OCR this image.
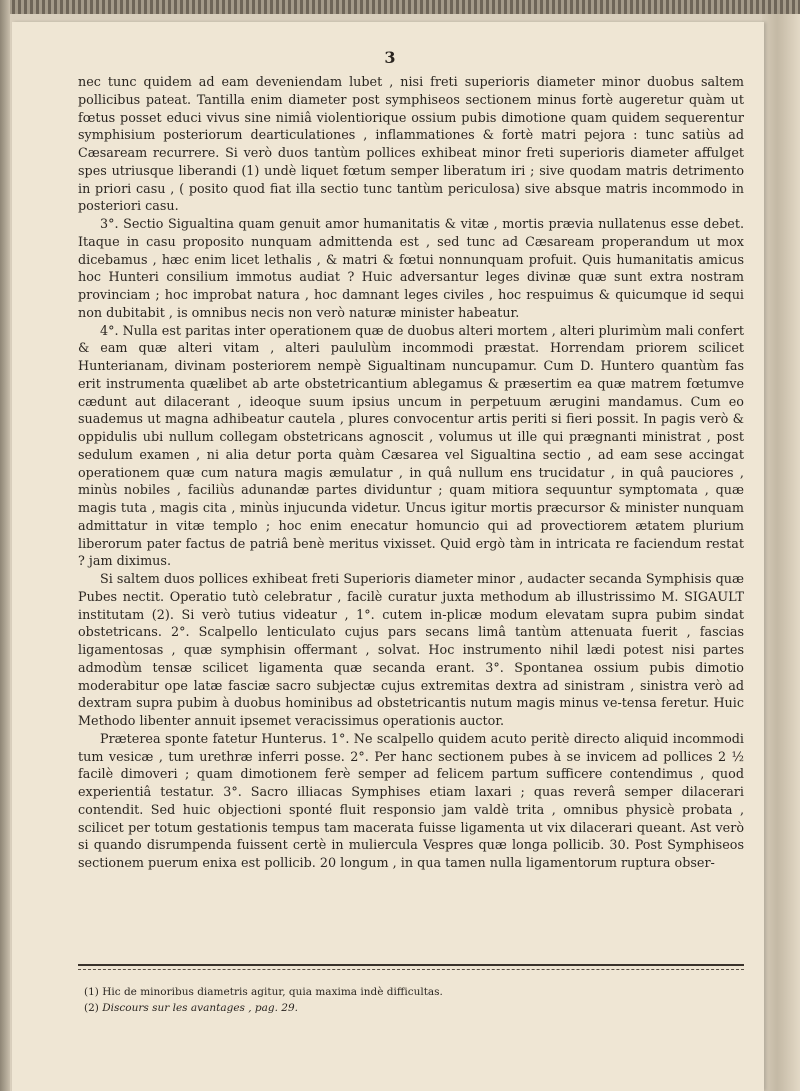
3

nec tunc quidem ad eam deveniendam lubet , nisi freti superioris diameter minor duobus saltem pollicibus pateat. Tantilla enim diameter post symphiseos sectionem minus fortè augeretur quàm ut fœtus posset educi vivus sine nimiâ violentiorique ossium pubis dimotione quam quidem sequerentur symphisium posteriorum dearticulationes , inflammationes & fortè matri pejora : tunc satiùs ad Cæsaream recurrere. Si verò duos tantùm pollices exhibeat minor freti superioris diameter affulget spes utriusque liberandi (1) undè liquet fœtum semper liberatum iri ; sive quodam matris detrimento in priori casu , ( posito quod fiat illa sectio tunc tantùm periculosa) sive absque matris incommodo in posteriori casu.

3°. Sectio Sigualtina quam genuit amor humanitatis & vitæ , mortis prævia nullatenus esse debet. Itaque in casu proposito nunquam admittenda est , sed tunc ad Cæsaream properandum ut mox dicebamus , hæc enim licet lethalis , & matri & fœtui nonnunquam profuit. Quis humanitatis amicus hoc Hunteri consilium immotus audiat ? Huic adversantur leges divinæ quæ sunt extra nostram provinciam ; hoc improbat natura , hoc damnant leges civiles , hoc respuimus & quicumque id sequi non dubitabit , is omnibus necis non verò naturæ minister habeatur.

4°. Nulla est paritas inter operationem quæ de duobus alteri mortem , alteri plurimùm mali confert & eam quæ alteri vitam , alteri paululùm incommodi præstat. Horrendam priorem scilicet Hunterianam, divinam posteriorem nempè Sigualtinam nuncupamur. Cum D. Huntero quantùm fas erit instrumenta quælibet ab arte obstetricantium ablegamus & præsertim ea quæ matrem fœtumve cædunt aut dilacerant , ideoque suum ipsius uncum in perpetuum ærugini mandamus. Cum eo suademus ut magna adhibeatur cautela , plures convocentur artis periti si fieri possit. In pagis verò & oppidulis ubi nullum collegam obstetricans agnoscit , volumus ut ille qui prægnanti ministrat , post sedulum examen , ni alia detur porta quàm Cæsarea vel Sigualtina sectio , ad eam sese accingat operationem quæ cum natura magis æmulatur , in quâ nullum ens trucidatur , in quâ pauciores , minùs nobiles , faciliùs adunandæ partes dividuntur ; quam mitiora sequuntur symptomata , quæ magis tuta , magis cita , minùs injucunda videtur. Uncus igitur mortis præcursor & minister nunquam admittatur in vitæ templo ; hoc enim enecatur homuncio qui ad provectiorem ætatem plurium liberorum pater factus de patriâ benè meritus vixisset. Quid ergò tàm in intricata re faciendum restat ? jam diximus.

Si saltem duos pollices exhibeat freti Superioris diameter minor , audacter secanda Symphisis quæ Pubes nectit. Operatio tutò celebratur , facilè curatur juxta methodum ab illustrissimo M. SIGAULT institutam (2). Si verò tutius videatur , 1°. cutem in-plicæ modum elevatam supra pubim sindat obstetricans. 2°. Scalpello lenticulato cujus pars secans limâ tantùm attenuata fuerit , fascias ligamentosas , quæ symphisin offermant , solvat. Hoc instrumento nihil lædi potest nisi partes admodùm tensæ scilicet ligamenta quæ secanda erant. 3°. Spontanea ossium pubis dimotio moderabitur ope latæ fasciæ sacro subjectæ cujus extremitas dextra ad sinistram , sinistra verò ad dextram supra pubim à duobus hominibus ad obstetricantis nutum magis minus ve-tensa feretur. Huic Methodo libenter annuit ipsemet veracissimus operationis auctor.

Præterea sponte fatetur Hunterus. 1°. Ne scalpello quidem acuto peritè directo aliquid incommodi tum vesicæ , tum urethræ inferri posse. 2°. Per hanc sectionem pubes à se invicem ad pollices 2 ½ facilè dimoveri ; quam dimotionem ferè semper ad felicem partum sufficere contendimus , quod experientiâ testatur. 3°. Sacro illiacas Symphises etiam laxari ; quas reverâ semper dilacerari contendit. Sed huic objectioni sponté fluit responsio jam valdè trita , omnibus physicè probata , scilicet per totum gestationis tempus tam macerata fuisse ligamenta ut vix dilacerari queant. Ast verò si quando disrumpenda fuissent certè in muliercula Vespres quæ longa pollicib. 30. Post Symphiseos sectionem puerum enixa est pollicib. 20 longum , in qua tamen nulla ligamentorum ruptura obser-

(1) Hic de minoribus diametris agitur, quia maxima indè difficultas.
(2) Discours sur les avantages , pag. 29.
